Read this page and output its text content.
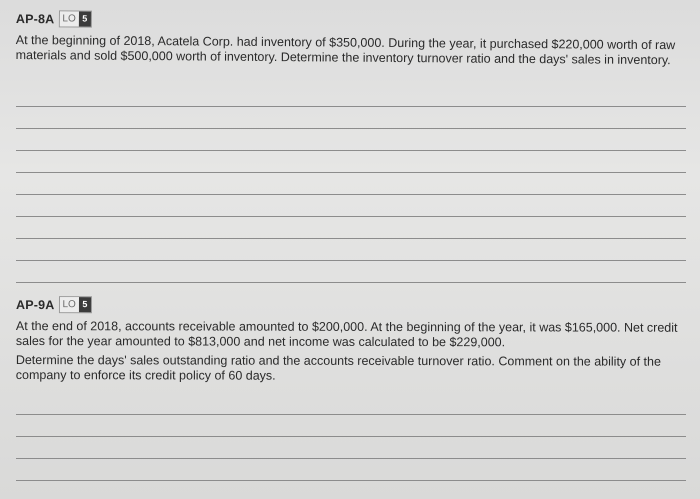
AP-8A LO 5

At the beginning of 2018, Acatela Corp. had inventory of $350,000. During the year, it purchased $220,000 worth of raw materials and sold $500,000 worth of inventory. Determine the inventory turnover ratio and the days' sales in inventory.

AP-9A LO 5

At the end of 2018, accounts receivable amounted to $200,000. At the beginning of the year, it was $165,000. Net credit sales for the year amounted to $813,000 and net income was calculated to be $229,000.

Determine the days' sales outstanding ratio and the accounts receivable turnover ratio. Comment on the ability of the company to enforce its credit policy of 60 days.
